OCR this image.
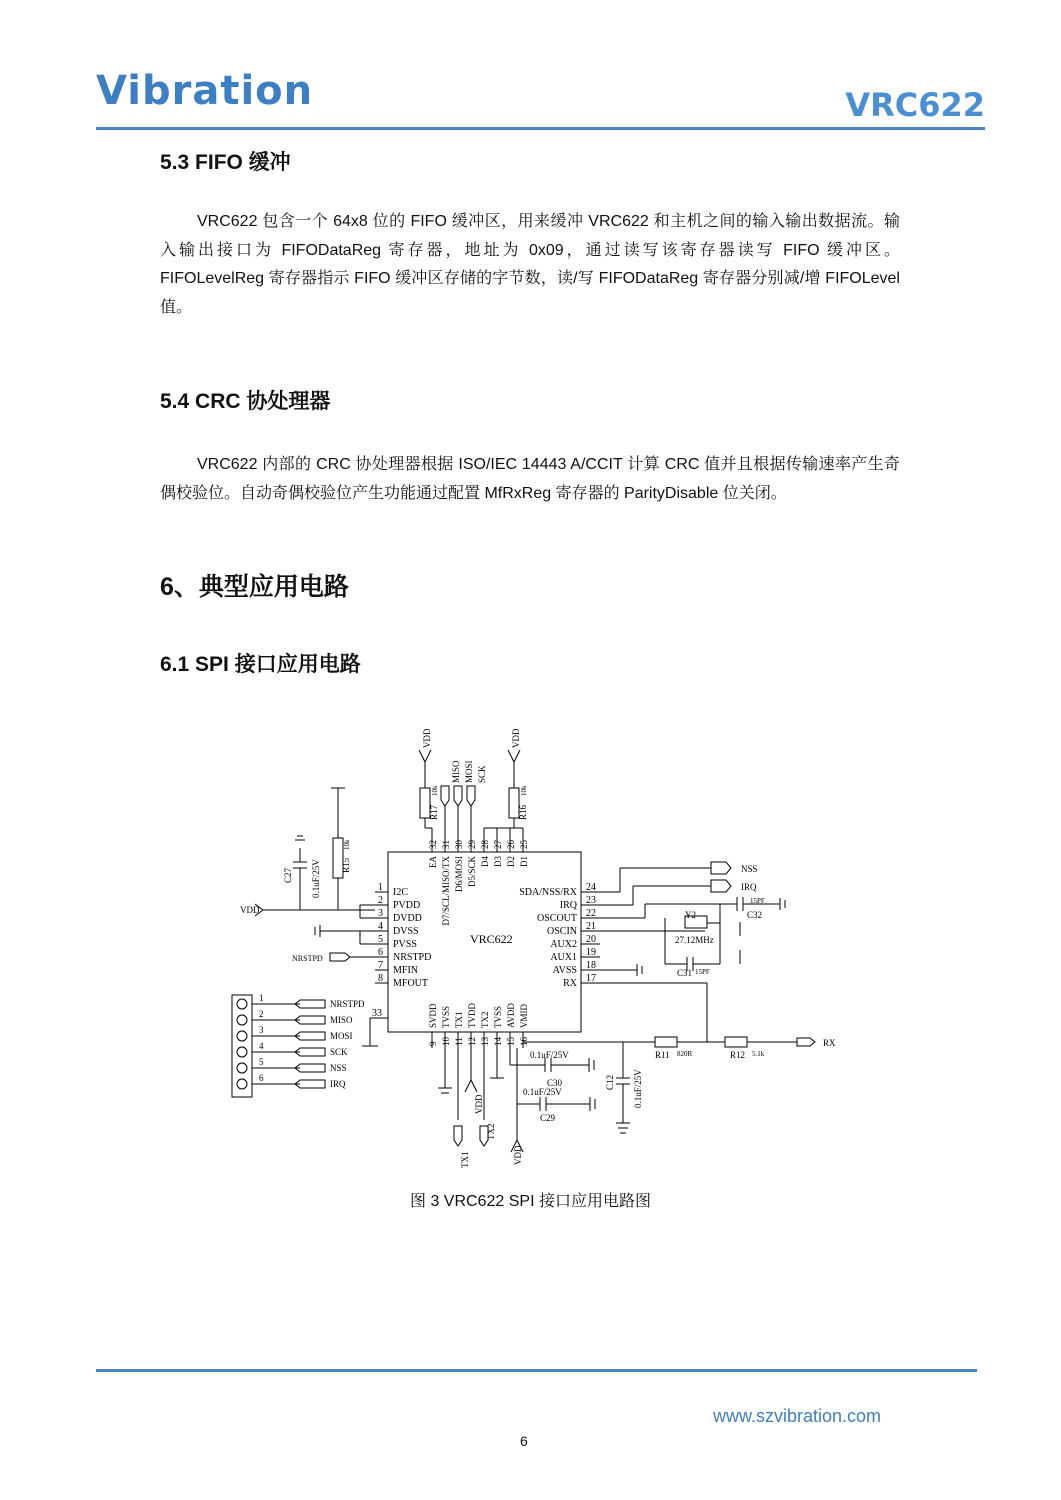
Vibration	VRC622
5.3 FIFO 缓冲

VRC622 包含一个 64x8 位的 FIFO 缓冲区，用来缓冲 VRC622 和主机之间的输入输出数据流。输入输出接口为 FIFODataReg 寄存器，地址为 0x09，通过读写该寄存器读写 FIFO 缓冲区。FIFOLevelReg 寄存器指示 FIFO 缓冲区存储的字节数，读/写 FIFODataReg 寄存器分别减/增 FIFOLevel 值。

5.4 CRC 协处理器

VRC622 内部的 CRC 协处理器根据 ISO/IEC 14443 A/CCIT 计算 CRC 值并且根据传输速率产生奇偶校验位。自动奇偶校验位产生功能通过配置 MfRxReg 寄存器的 ParityDisable 位关闭。

6、典型应用电路
6.1 SPI 接口应用电路
VRC622
1 I2C
2 PVDD
3 DVDD
4 DVSS
5 PVSS
6 NRSTPD
7 MFIN
8 MFOUT
33
SDA/NSS/RX 24
IRQ 23
OSCOUT 22
OSCIN 21
AUX2 20
AUX1 19
AVSS 18
RX 17
EA
32
D7/SCL/MISO/TX
31
D6/MOSI
30
D5/SCK
29
D4
28
D3
27
D2
26
D1
25
SVDD
9
TVSS
10
TX1
11
TVDD
12
TX2
13
TVSS
14
AVDD
15
VMID
16
VDD	VDD
MISO MOSI SCK
R17
10k
R16
10k
R15
10k
C27 0.1uF/25V
VDD
NRSTPD
NSS
IRQ
15PF
C32
Y2
27.12MHz
C31 15PF
R11 820R	R12 5.1k
RX
0.1uF/25V
C30	C12 0.1uF/25V
0.1uF/25V
C29
TX1
VDD
TX2
VDD
1
NRSTPD
2
MISO
3
MOSI
4
SCK
5
NSS
6
IRQ
图 3 VRC622 SPI 接口应用电路图
6
www.szvibration.com
